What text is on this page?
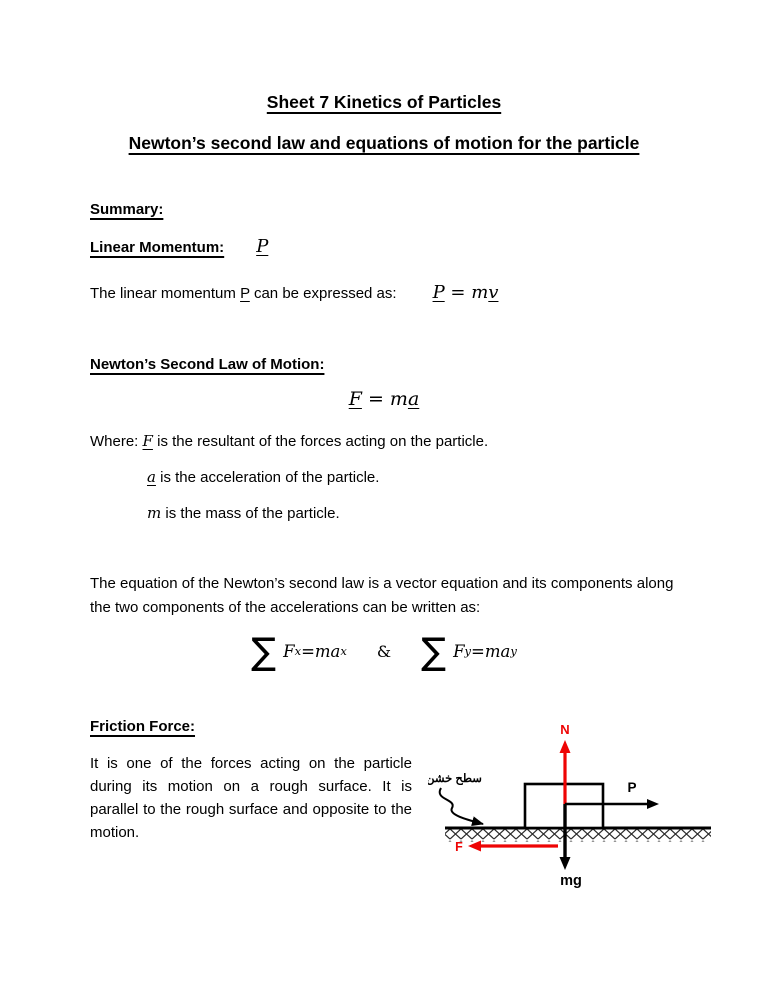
Sheet 7 Kinetics of Particles
Newton’s second law and equations of motion for the particle
Summary:
Linear Momentum: P
The linear momentum P can be expressed as: P = mv
Newton’s Second Law of Motion:
F = ma
Where: F is the resultant of the forces acting on the particle.
a is the acceleration of the particle.
m is the mass of the particle.
The equation of the Newton’s second law is a vector equation and its components along the two components of the accelerations can be written as:
∑ F x = ma x & ∑ F y = ma y
Friction Force:
It is one of the forces acting on the particle during its motion on a rough surface. It is parallel to the rough surface and opposite to the motion.
سطح خشن
N
P
mg
F
